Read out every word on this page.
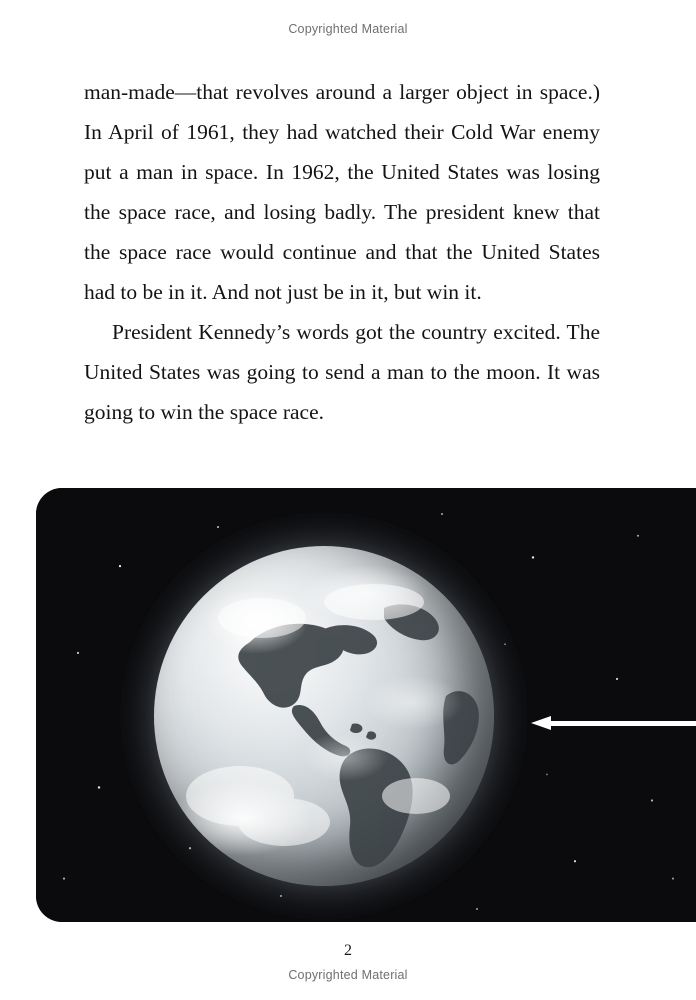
Copyrighted Material

man-made—that revolves around a larger object in space.) In April of 1961, they had watched their Cold War enemy put a man in space. In 1962, the United States was losing the space race, and losing badly. The president knew that the space race would continue and that the United States had to be in it. And not just be in it, but win it.

President Kennedy’s words got the country excited. The United States was going to send a man to the moon. It was going to win the space race.

2
Copyrighted Material
